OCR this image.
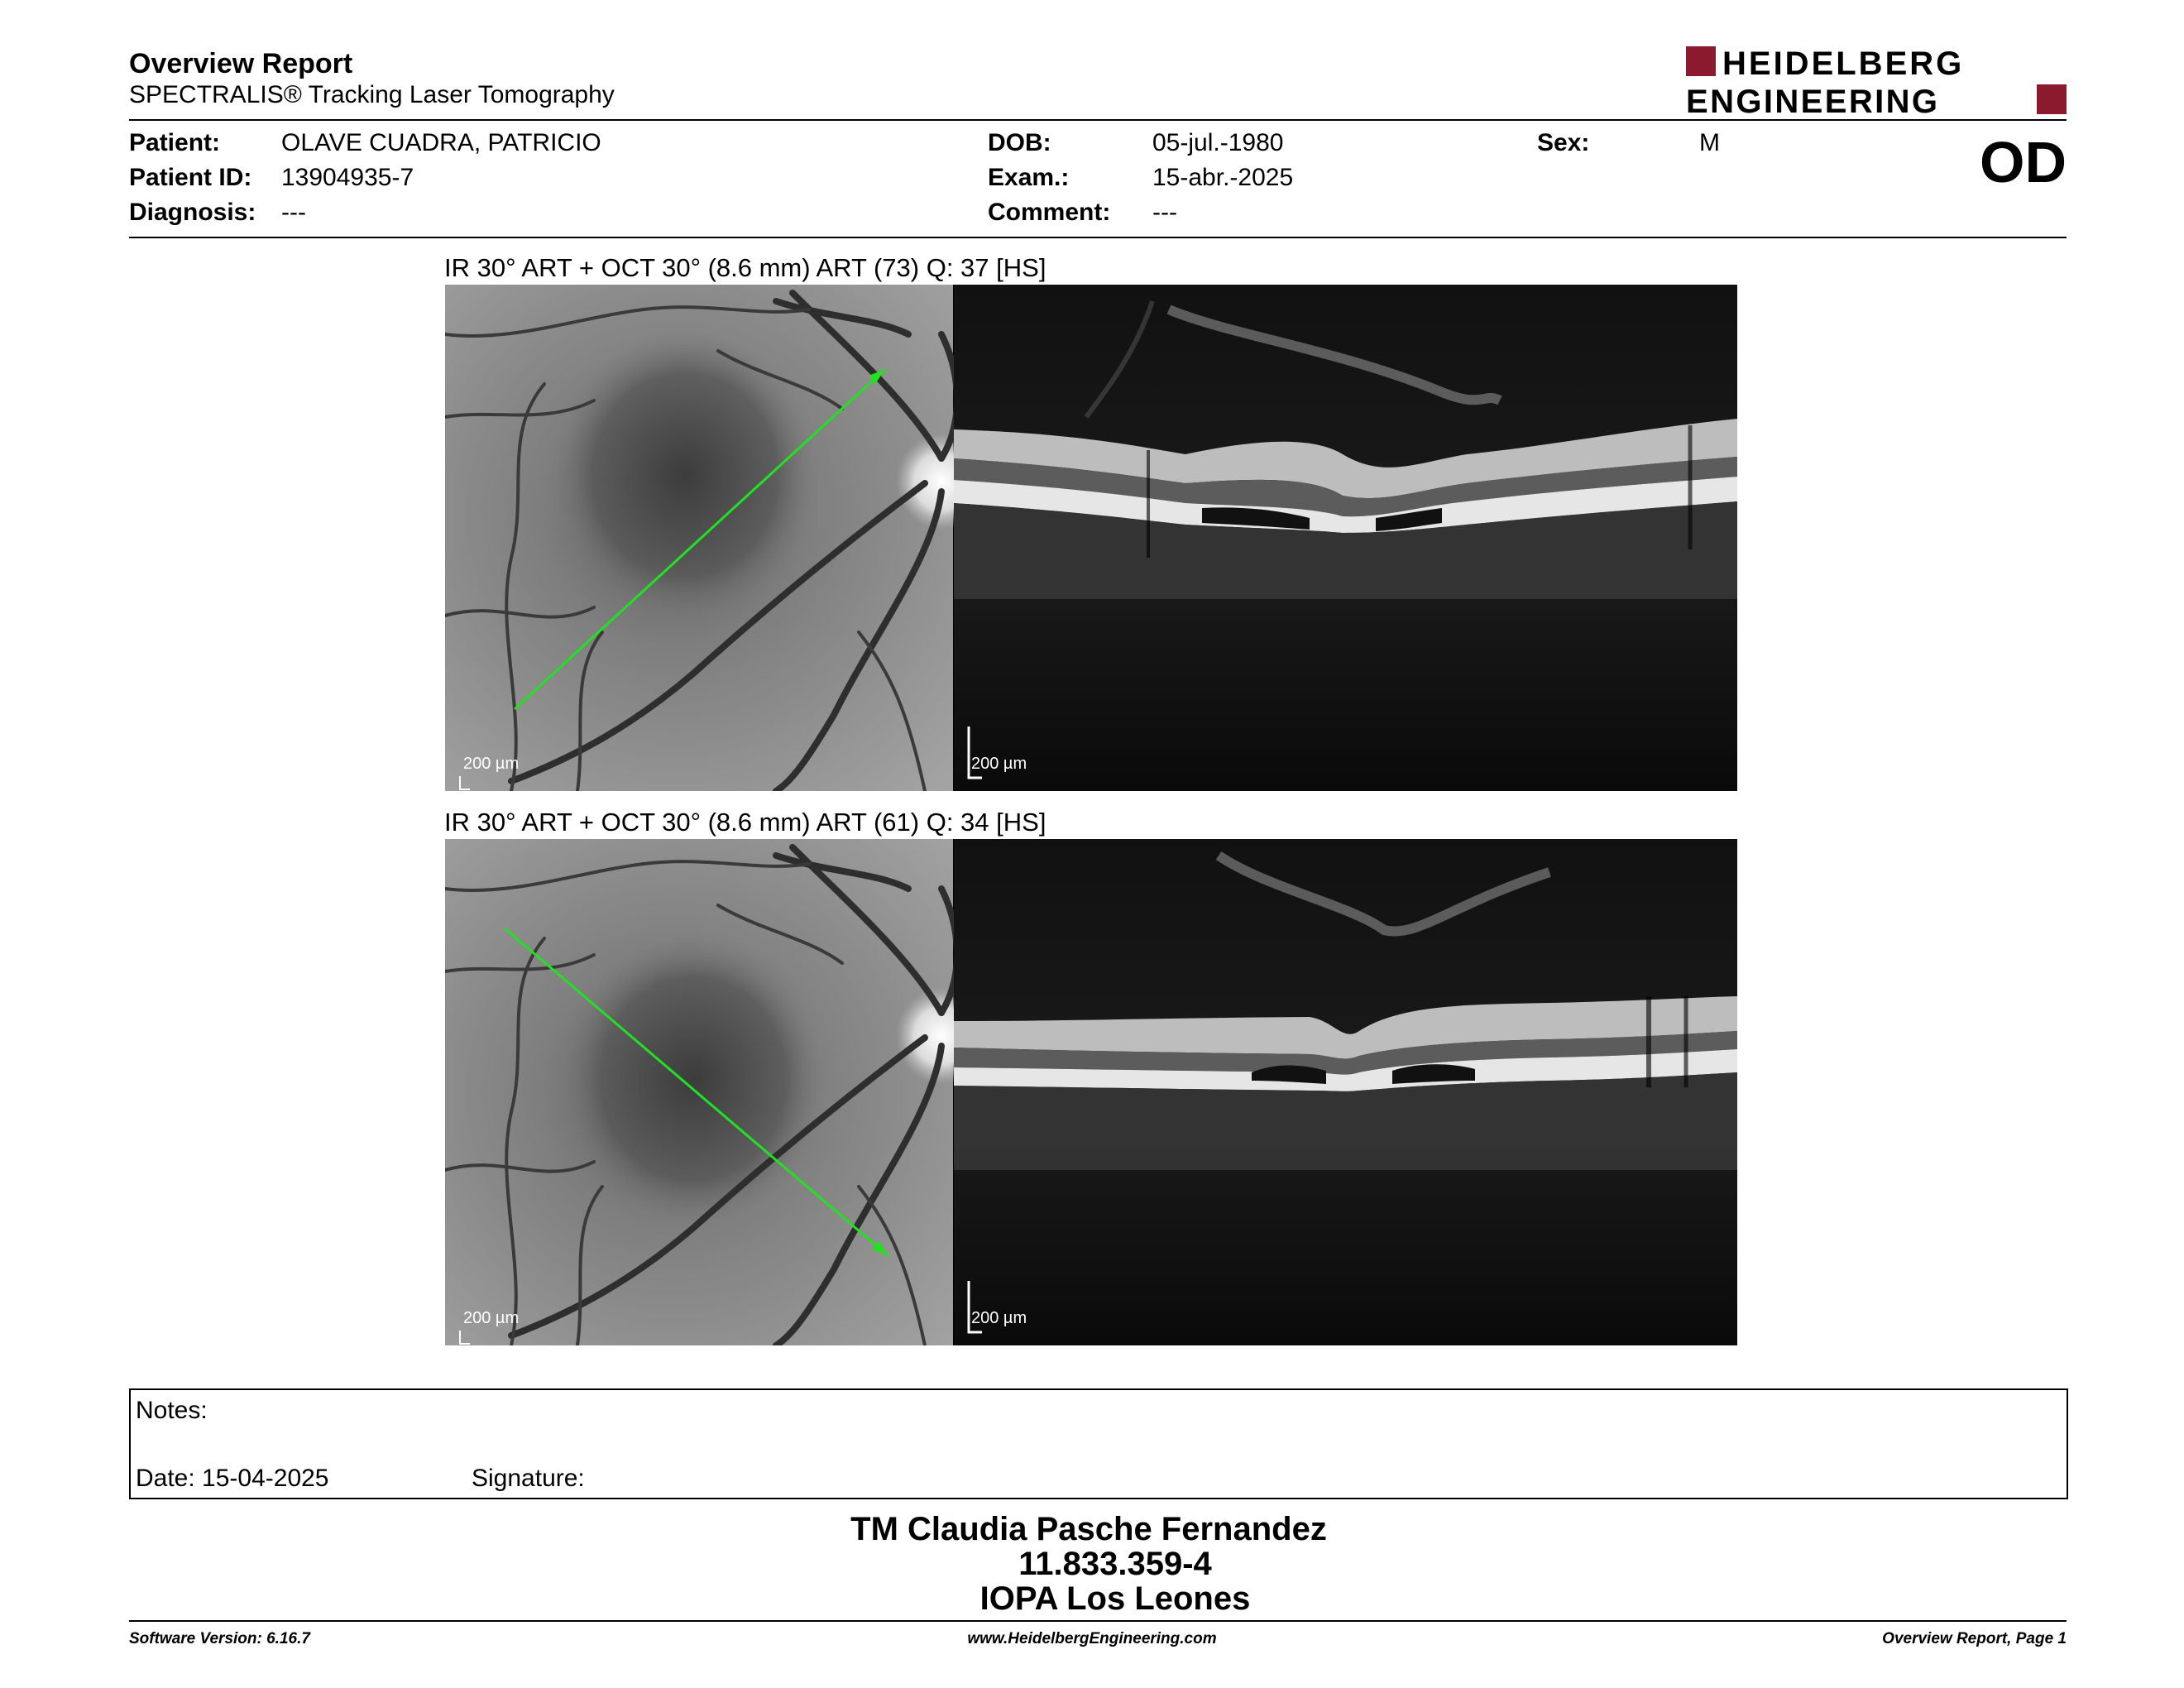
Overview Report
SPECTRALIS® Tracking Laser Tomography
HEIDELBERG
ENGINEERING
Patient: OLAVE CUADRA, PATRICIO
Patient ID: 13904935-7
Diagnosis: ---
DOB:	05-jul.-1980
Exam.:	15-abr.-2025
Comment: ---
Sex:	M	OD
IR 30° ART + OCT 30° (8.6 mm) ART (73) Q: 37 [HS]
200 µm	200 µm
IR 30° ART + OCT 30° (8.6 mm) ART (61) Q: 34 [HS]
200 µm	200 µm
Notes:
Date: 15-04-2025	Signature:
TM Claudia Pasche Fernandez
11.833.359-4
IOPA Los Leones
Software Version: 6.16.7	www.HeidelbergEngineering.com	Overview Report, Page 1
